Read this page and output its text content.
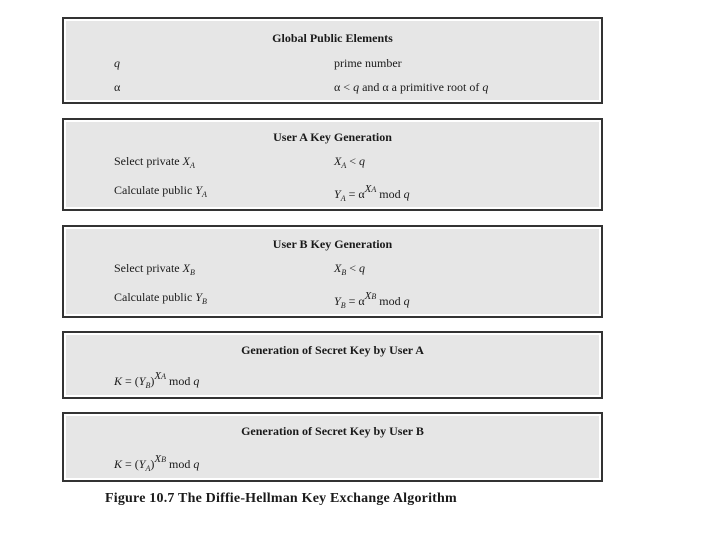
Global Public Elements
q	prime number
α	α < q and α a primitive root of q
User A Key Generation
Select private $X_A$	$X_A < q$
Calculate public $Y_A$	$Y_A = \alpha^{XA}$ mod q
User B Key Generation
Select private $X_B$	$X_B < q$
Calculate public $Y_B$	$Y_B = \alpha^{XB}$ mod q
Generation of Secret Key by User A
$K = (Y_B)^{XA}$ mod q
Generation of Secret Key by User B
$K = (Y_A)^{XB}$ mod q
Figure 10.7 The Diffie-Hellman Key Exchange Algorithm
